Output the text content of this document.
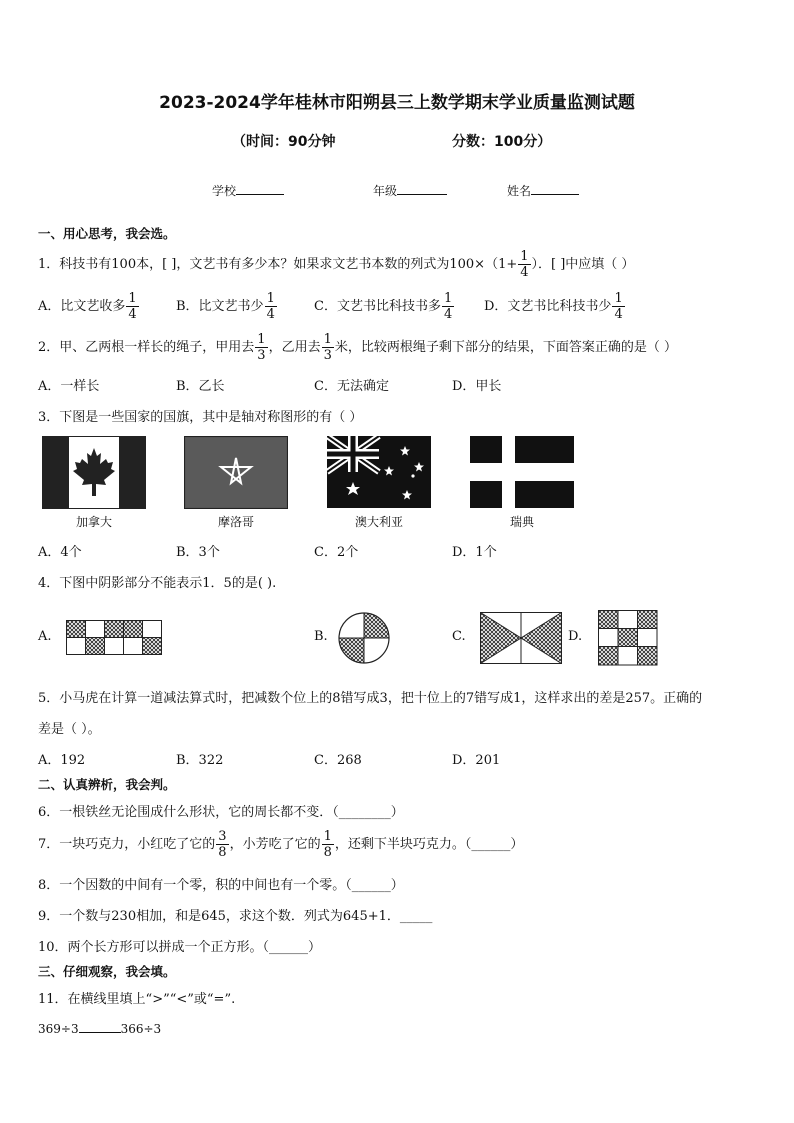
2023-2024学年桂林市阳朔县三上数学期末学业质量监测试题
（时间：90分钟	分数：100分）
学校	年级	姓名
一、用心思考，我会选。
1．科技书有100本，[ ]，文艺书有多少本？如果求文艺书本数的列式为$100\times(1+ \frac{1}{4}$ ）．[ ]中应填（ ）
A．比文艺收多 $\frac{1}{4}$	B．比文艺书少 $\frac{1}{4}$	C．文艺书比科技书多 $\frac{1}{4}$ D．文艺书比科技书少 $\frac{1}{4}$
2．甲、乙两根一样长的绳子，甲用去 $\frac{1}{3}$ ，乙用去 $\frac{1}{3}$ 米，比较两根绳子剩下部分的结果，下面答案正确的是（ ）
A．一样长	B．乙长	C．无法确定	D．甲长
3．下图是一些国家的国旗，其中是轴对称图形的有（ ）
加拿大	摩洛哥	澳大利亚	瑞典
A．4个	B．3个	C．2个	D．1个
4．下图中阴影部分不能表示1．5的是( ).
A.	B.	C.	D.
5．小马虎在计算一道减法算式时，把减数个位上的8错写成3，把十位上的7错写成1，这样求出的差是257。正确的
差是（ ）。
A．192	B．322	C．268	D．201
二、认真辨析，我会判。
6．一根铁丝无论围成什么形状，它的周长都不变．（________）
7．一块巧克力，小红吃了它的 $\frac{3}{8}$ ，小芳吃了它的 $\frac{1}{8}$ ，还剩下半块巧克力。（______）
8．一个因数的中间有一个零，积的中间也有一个零。（______）
9．一个数与230相加，和是645，求这个数．列式为645+1．_____
10．两个长方形可以拼成一个正方形。（______）
三、仔细观察，我会填。
11．在横线里填上“>”“<”或“=”.
369÷3	366÷3
